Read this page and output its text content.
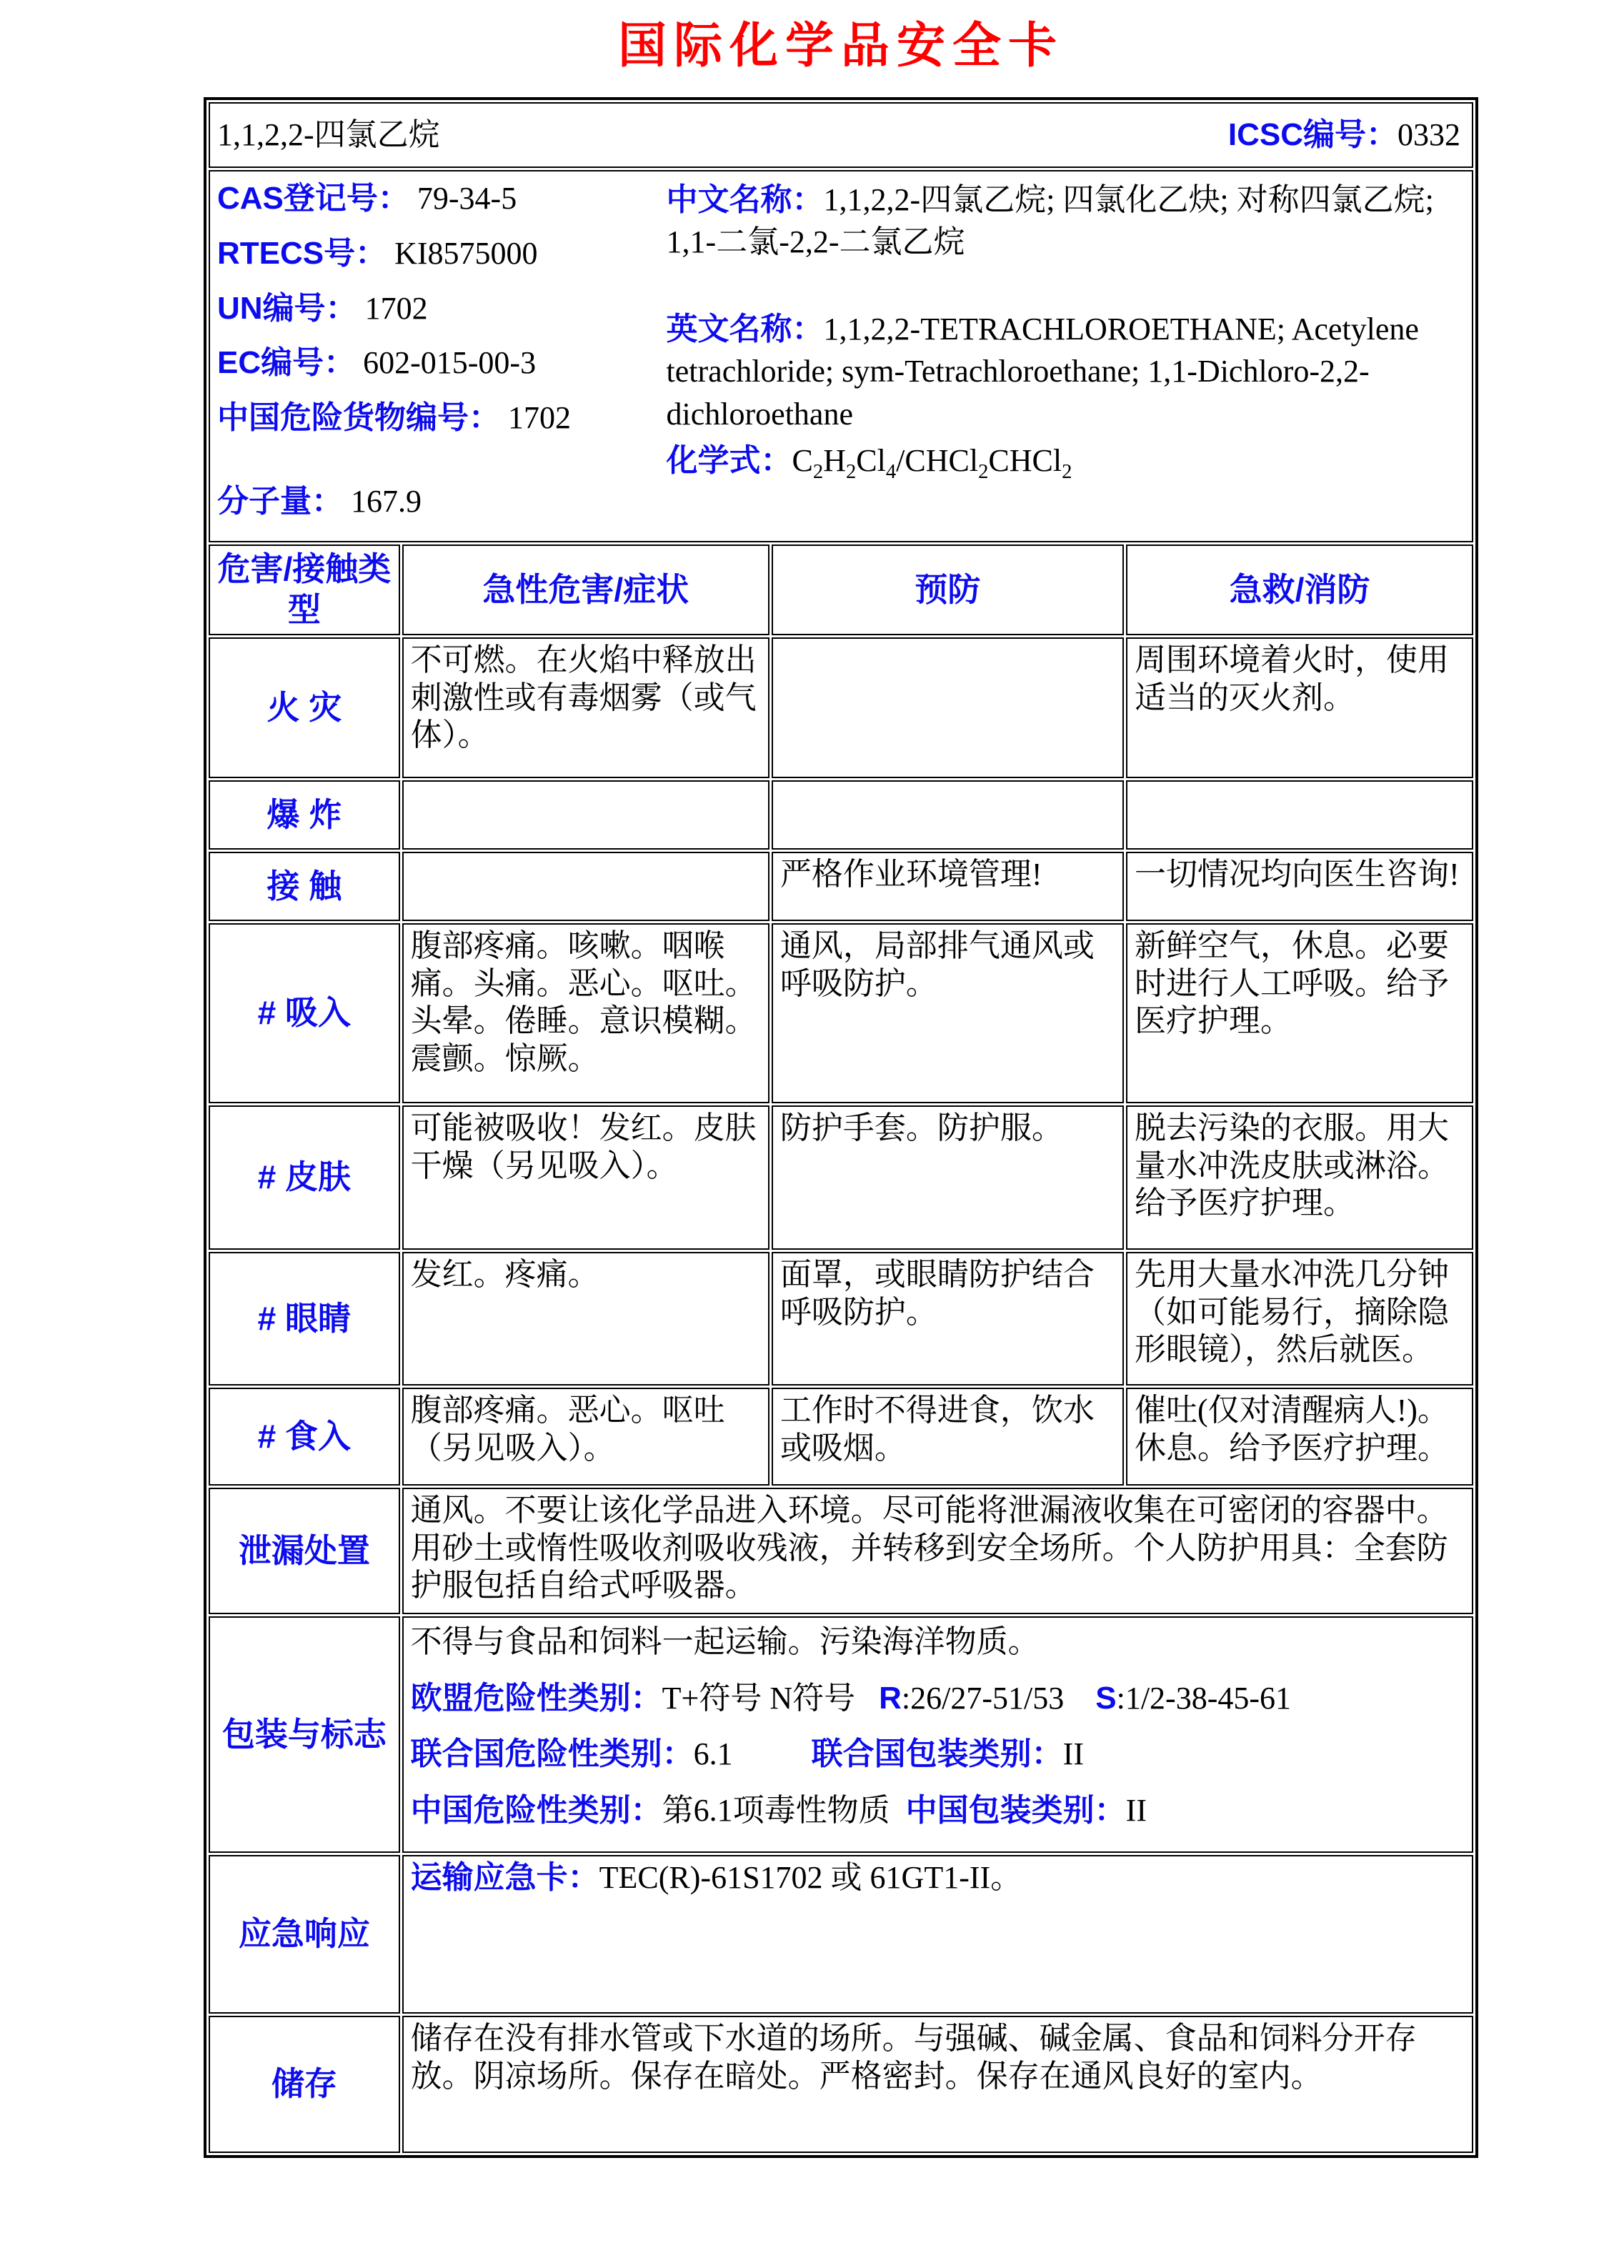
国际化学品安全卡
1,1,2,2-四氯乙烷 ICSC编号：0332			

CAS登记号： 79-34-5
RTECS号： KI8575000
UN编号： 1702
EC编号： 602-015-00-3
中国危险货物编号： 1702
分子量： 167.9
中文名称：1,1,2,2-四氯乙烷; 四氯化乙炔; 对称四氯乙烷; 1,1-二氯-2,2-二氯乙烷
英文名称：1,1,2,2-TETRACHLOROETHANE; Acetylene tetrachloride; sym-Tetrachloroethane; 1,1-Dichloro-2,2-dichloroethane
化学式：$C_2H_2Cl_4/CHCl_2CHCl_2$

危害/接触类型	急性危害/症状	预防	急救/消防
火 灾	不可燃。在火焰中释放出刺激性或有毒烟雾（或气体）。		周围环境着火时，使用适当的灭火剂。
爆 炸			
接 触		严格作业环境管理!	一切情况均向医生咨询!
# 吸入	腹部疼痛。咳嗽。咽喉痛。头痛。恶心。呕吐。头晕。倦睡。意识模糊。震颤。惊厥。	通风，局部排气通风或呼吸防护。	新鲜空气，休息。必要时进行人工呼吸。给予医疗护理。
# 皮肤	可能被吸收！发红。皮肤干燥（另见吸入）。	防护手套。防护服。	脱去污染的衣服。用大量水冲洗皮肤或淋浴。给予医疗护理。
# 眼睛	发红。疼痛。	面罩，或眼睛防护结合呼吸防护。	先用大量水冲洗几分钟（如可能易行，摘除隐形眼镜），然后就医。
# 食入	腹部疼痛。恶心。呕吐（另见吸入）。	工作时不得进食，饮水或吸烟。	催吐(仅对清醒病人!)。休息。给予医疗护理。
泄漏处置	通风。不要让该化学品进入环境。尽可能将泄漏液收集在可密闭的容器中。用砂土或惰性吸收剂吸收残液，并转移到安全场所。个人防护用具：全套防护服包括自给式呼吸器。		
包装与标志	不得与食品和饲料一起运输。污染海洋物质。
欧盟危险性类别：T+符号 N符号   R:26/27-51/53    S:1/2-38-45-61
联合国危险性类别：6.1          联合国包装类别：II
中国危险性类别：第6.1项毒性物质  中国包装类别：II		

应急响应	运输应急卡：TEC(R)-61S1702 或 61GT1-II。		

储存	储存在没有排水管或下水道的场所。与强碱、碱金属、食品和饲料分开存放。阴凉场所。保存在暗处。严格密封。保存在通风良好的室内。		
